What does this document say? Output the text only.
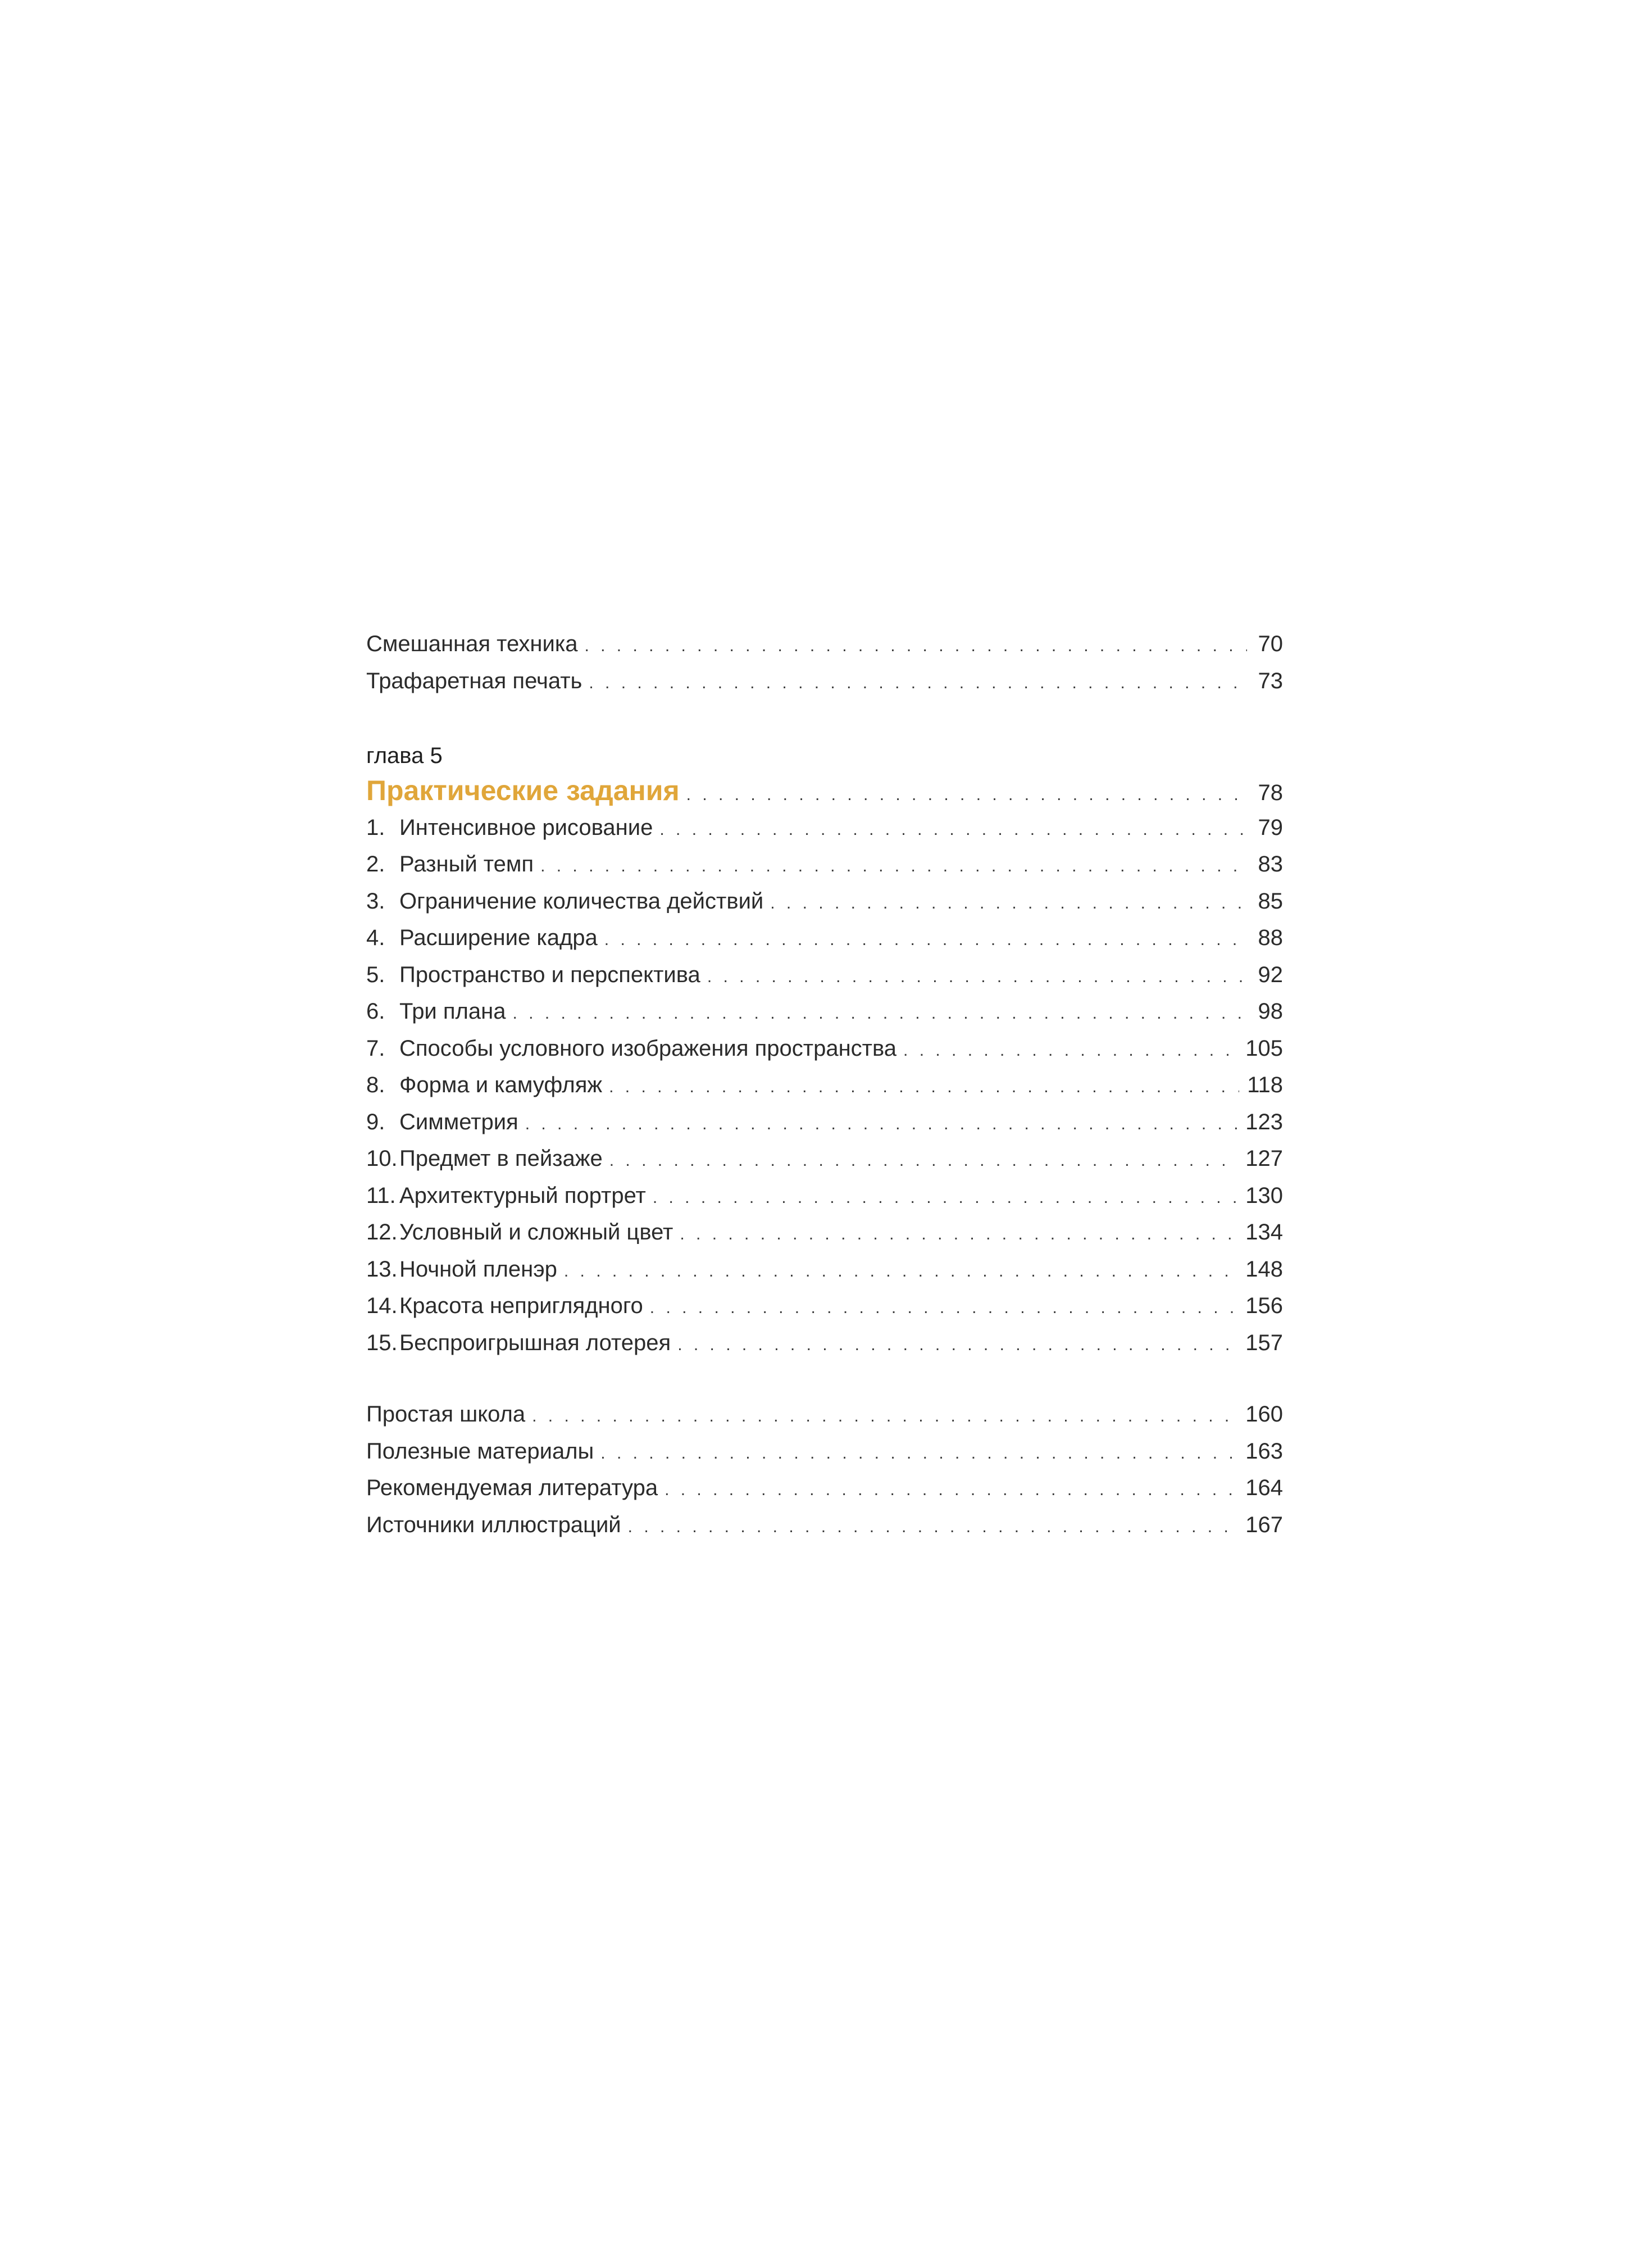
Смешанная техника . . .	70
Трафаретная печать . . .	73
глава 5
Практические задания . . .	78
1. Интенсивное рисование . . .	79
2. Разный темп . . .	83
3. Ограничение количества действий . . .	85
4. Расширение кадра . . .	88
5. Пространство и перспектива . . .	92
6. Три плана . . .	98
7. Способы условного изображения пространства . . .	105
8. Форма и камуфляж . . .	118
9. Симметрия . . .	123
10. Предмет в пейзаже . . .	127
11. Архитектурный портрет . . .	130
12. Условный и сложный цвет . . .	134
13. Ночной пленэр . . .	148
14. Красота неприглядного . . .	156
15. Беспроигрышная лотерея . . .	157
Простая школа . . .	160
Полезные материалы . . .	163
Рекомендуемая литература . . .	164
Источники иллюстраций . . .	167
